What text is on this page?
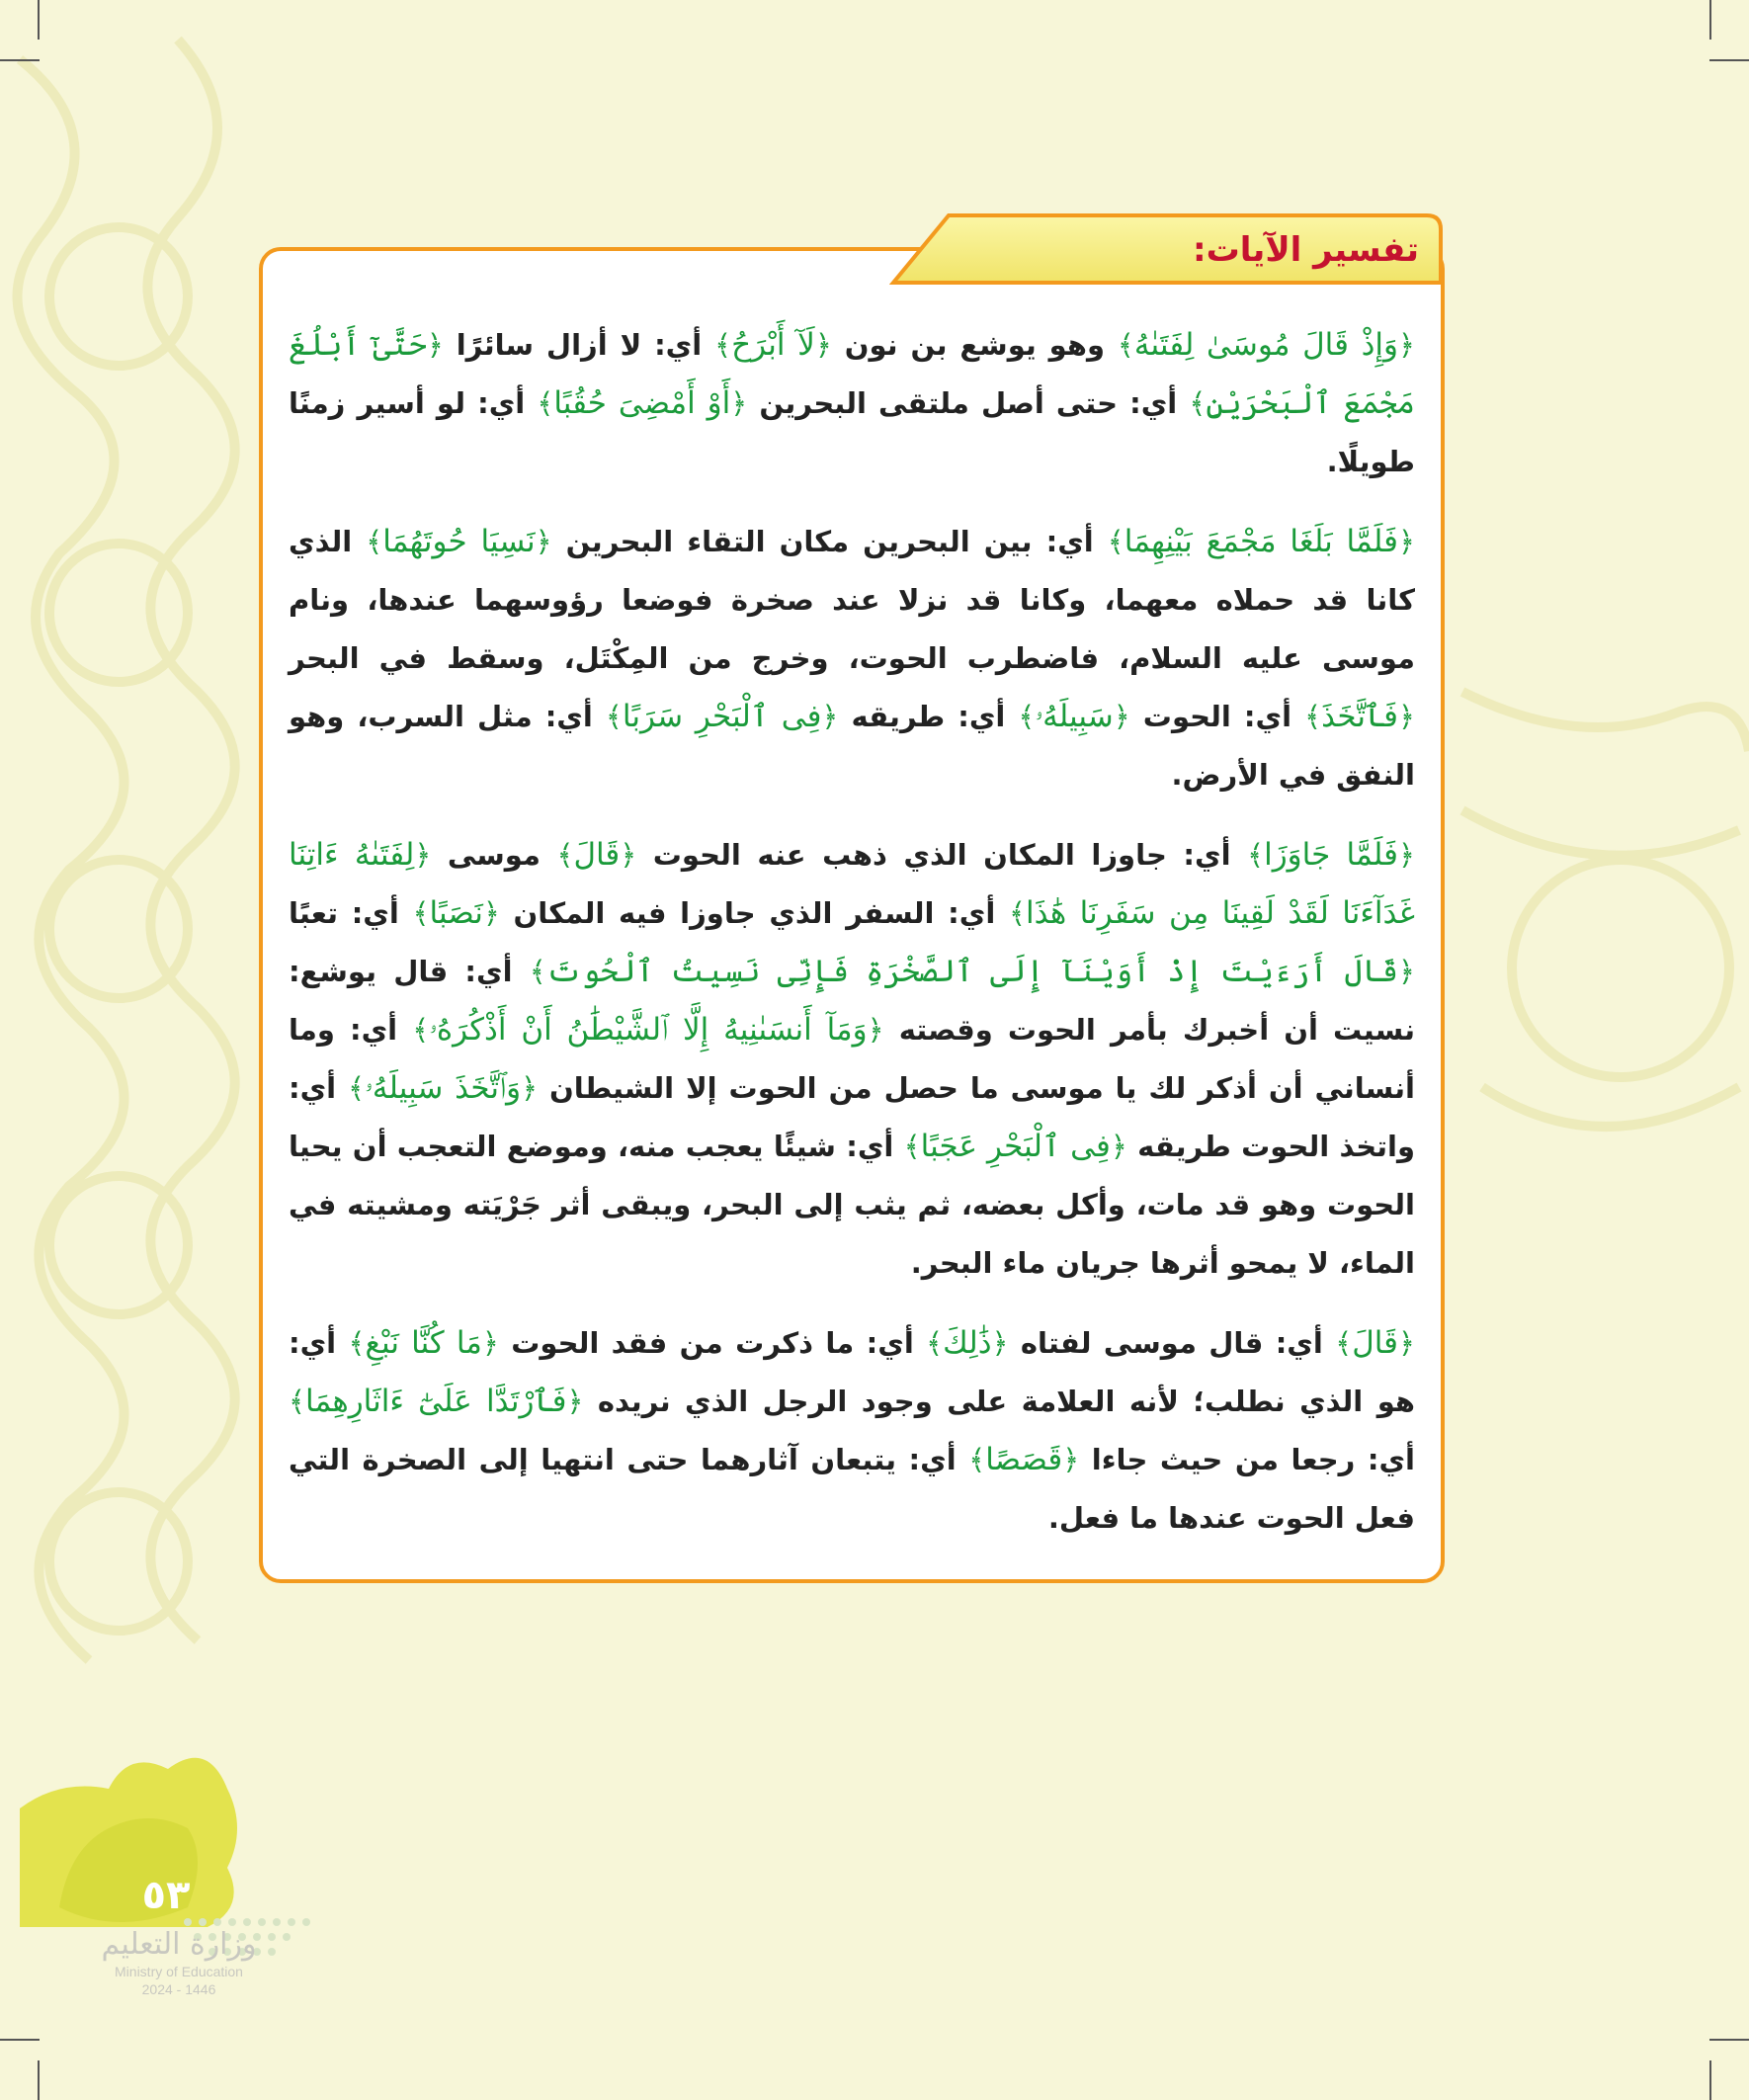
تفسير الآيات:

﴿وَإِذْ قَالَ مُوسَىٰ لِفَتَىٰهُ﴾ وهو يوشع بن نون ﴿لَآ أَبْرَحُ﴾ أي: لا أزال سائرًا ﴿حَتَّىٰٓ أَبْلُغَ مَجْمَعَ ٱلْبَحْرَيْنِ﴾ أي: حتى أصل ملتقى البحرين ﴿أَوْ أَمْضِىَ حُقُبًا﴾ أي: لو أسير زمنًا طويلًا.

﴿فَلَمَّا بَلَغَا مَجْمَعَ بَيْنِهِمَا﴾ أي: بين البحرين مكان التقاء البحرين ﴿نَسِيَا حُوتَهُمَا﴾ الذي كانا قد حملاه معهما، وكانا قد نزلا عند صخرة فوضعا رؤوسهما عندها، ونام موسى عليه السلام، فاضطرب الحوت، وخرج من المِكْتَل، وسقط في البحر ﴿فَٱتَّخَذَ﴾ أي: الحوت ﴿سَبِيلَهُۥ﴾ أي: طريقه ﴿فِى ٱلْبَحْرِ سَرَبًا﴾ أي: مثل السرب، وهو النفق في الأرض.

﴿فَلَمَّا جَاوَزَا﴾ أي: جاوزا المكان الذي ذهب عنه الحوت ﴿قَالَ﴾ موسى ﴿لِفَتَىٰهُ ءَاتِنَا غَدَآءَنَا لَقَدْ لَقِينَا مِن سَفَرِنَا هَٰذَا﴾ أي: السفر الذي جاوزا فيه المكان ﴿نَصَبًا﴾ أي: تعبًا ﴿قَالَ أَرَءَيْتَ إِذْ أَوَيْنَآ إِلَى ٱلصَّخْرَةِ فَإِنِّى نَسِيتُ ٱلْحُوتَ﴾ أي: قال يوشع: نسيت أن أخبرك بأمر الحوت وقصته ﴿وَمَآ أَنسَىٰنِيهُ إِلَّا ٱلشَّيْطَٰنُ أَنْ أَذْكُرَهُۥ﴾ أي: وما أنساني أن أذكر لك يا موسى ما حصل من الحوت إلا الشيطان ﴿وَٱتَّخَذَ سَبِيلَهُۥ﴾ أي: واتخذ الحوت طريقه ﴿فِى ٱلْبَحْرِ عَجَبًا﴾ أي: شيئًا يعجب منه، وموضع التعجب أن يحيا الحوت وهو قد مات، وأكل بعضه، ثم يثب إلى البحر، ويبقى أثر جَرْيَته ومشيته في الماء، لا يمحو أثرها جريان ماء البحر.

﴿قَالَ﴾ أي: قال موسى لفتاه ﴿ذَٰلِكَ﴾ أي: ما ذكرت من فقد الحوت ﴿مَا كُنَّا نَبْغِ﴾ أي: هو الذي نطلب؛ لأنه العلامة على وجود الرجل الذي نريده ﴿فَٱرْتَدَّا عَلَىٰٓ ءَاثَارِهِمَا﴾ أي: رجعا من حيث جاءا ﴿قَصَصًا﴾ أي: يتبعان آثارهما حتى انتهيا إلى الصخرة التي فعل الحوت عندها ما فعل.

٥٣
وزارة التعليم
Ministry of Education
2024 - 1446
